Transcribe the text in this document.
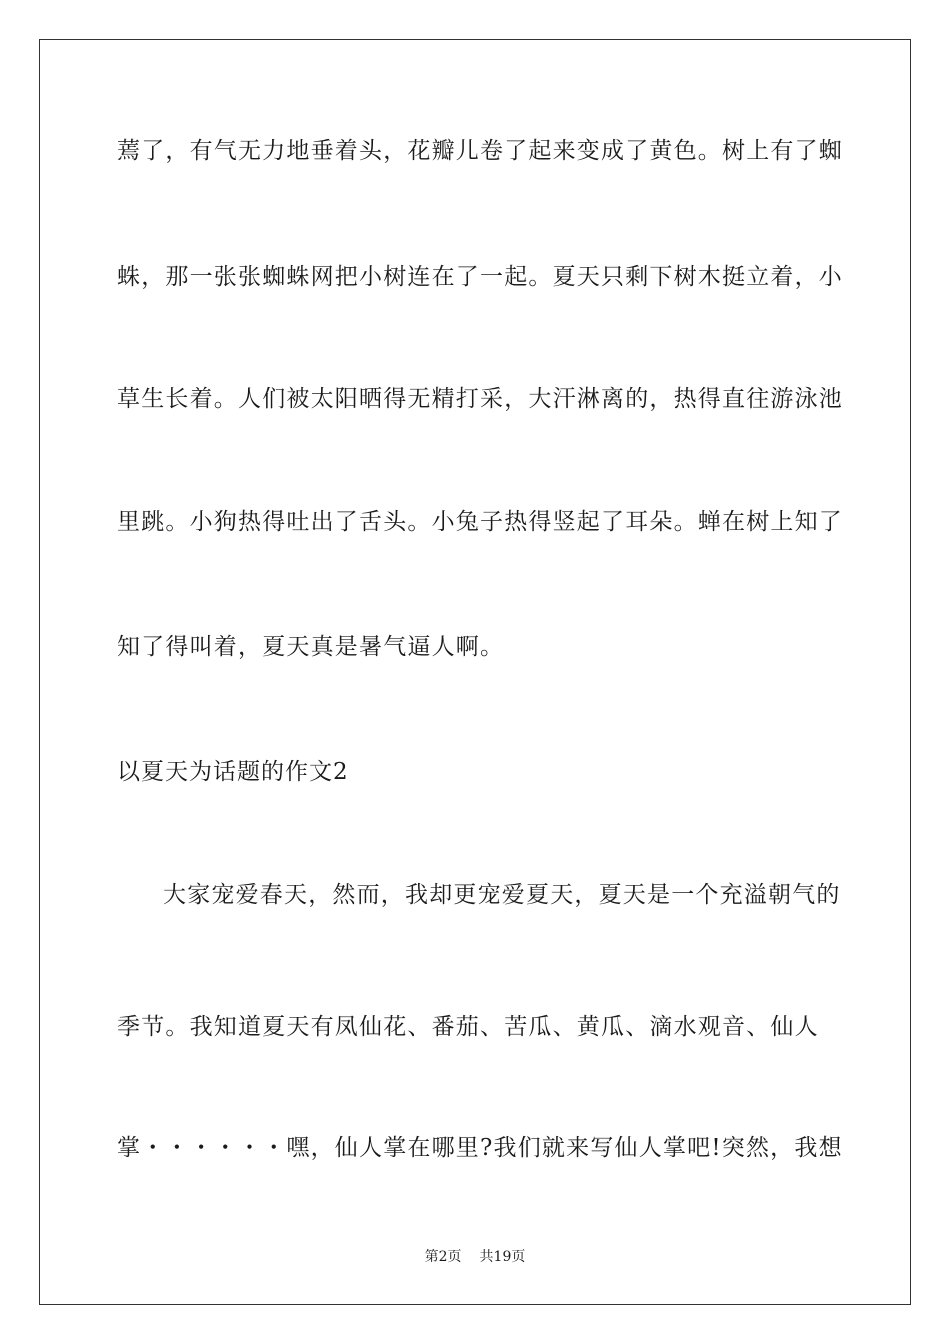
蔫了，有气无力地垂着头，花瓣儿卷了起来变成了黄色。树上有了蜘
蛛，那一张张蜘蛛网把小树连在了一起。夏天只剩下树木挺立着，小
草生长着。人们被太阳晒得无精打采，大汗淋离的，热得直往游泳池
里跳。小狗热得吐出了舌头。小兔子热得竖起了耳朵。蝉在树上知了
知了得叫着，夏天真是暑气逼人啊。
以夏天为话题的作文2
大家宠爱春天，然而，我却更宠爱夏天，夏天是一个充溢朝气的
季节。我知道夏天有凤仙花、番茄、苦瓜、黄瓜、滴水观音、仙人
掌・・・・・・嘿，仙人掌在哪里?我们就来写仙人掌吧!突然，我想
第2页 共19页
